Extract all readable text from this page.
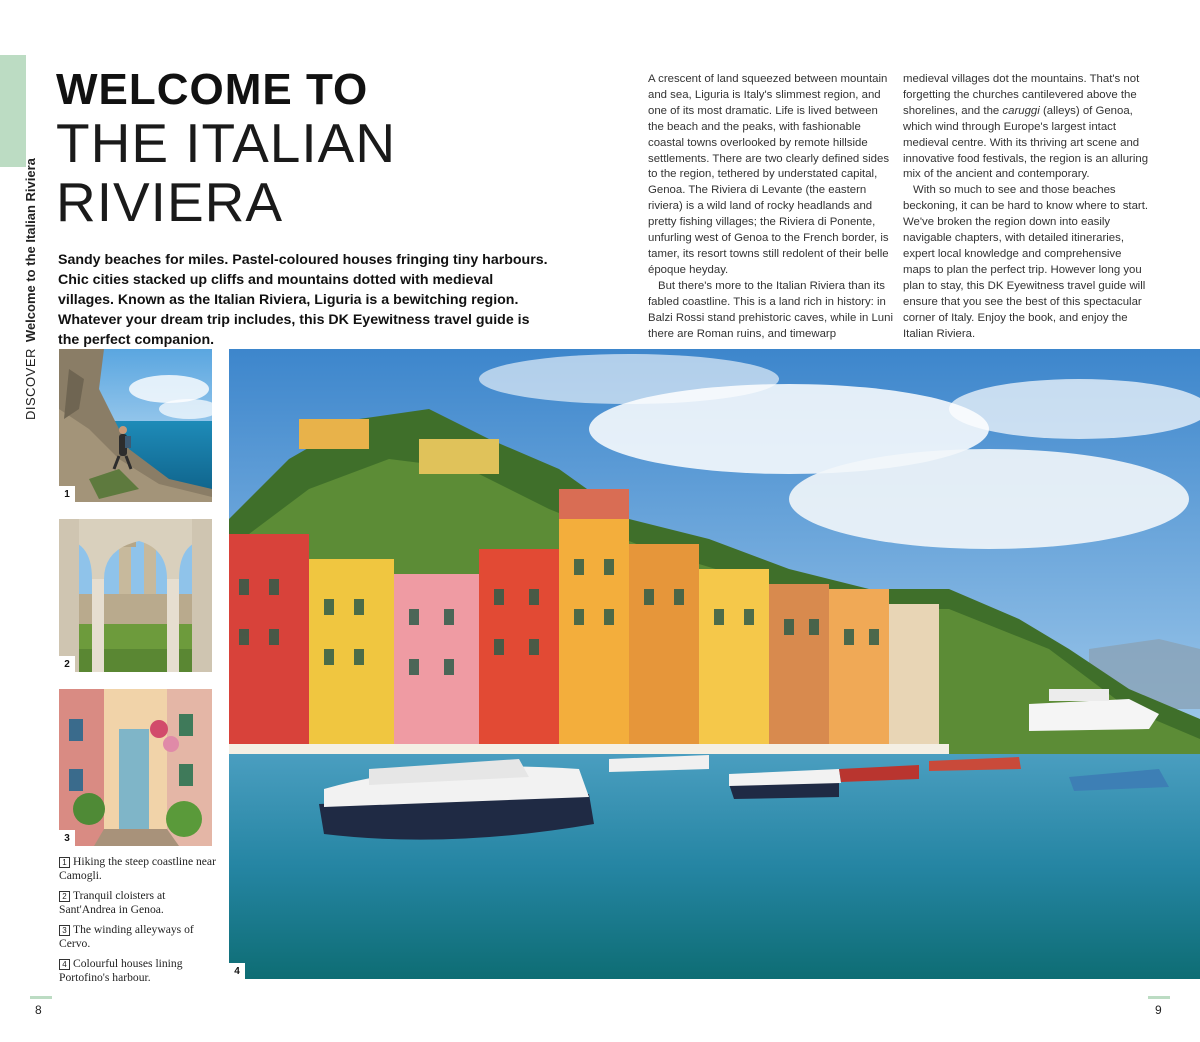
DISCOVERWelcome to the Italian Riviera
WELCOME TO
THE ITALIAN
RIVIERA

Sandy beaches for miles. Pastel-coloured houses fringing tiny harbours. Chic cities stacked up cliffs and mountains dotted with medieval villages. Known as the Italian Riviera, Liguria is a bewitching region. Whatever your dream trip includes, this DK Eyewitness travel guide is the perfect companion.

A crescent of land squeezed between mountain and sea, Liguria is Italy's slimmest region, and one of its most dramatic. Life is lived between the beach and the peaks, with fashionable coastal towns overlooked by remote hillside settlements. There are two clearly defined sides to the region, tethered by understated capital, Genoa. The Riviera di Levante (the eastern riviera) is a wild land of rocky headlands and pretty fishing villages; the Riviera di Ponente, unfurling west of Genoa to the French border, is tamer, its resort towns still redolent of their belle époque heyday.

But there's more to the Italian Riviera than its fabled coastline. This is a land rich in history: in Balzi Rossi stand prehistoric caves, while in Luni there are Roman ruins, and timewarp

medieval villages dot the mountains. That's not forgetting the churches cantilevered above the shorelines, and the caruggi (alleys) of Genoa, which wind through Europe's largest intact medieval centre. With its thriving art scene and innovative food festivals, the region is an alluring mix of the ancient and contemporary.

With so much to see and those beaches beckoning, it can be hard to know where to start. We've broken the region down into easily navigable chapters, with detailed itineraries, expert local knowledge and comprehensive maps to plan the perfect trip. However long you plan to stay, this DK Eyewitness travel guide will ensure that you see the best of this spectacular corner of Italy. Enjoy the book, and enjoy the Italian Riviera.

1
2
3
4
1 Hiking the steep coastline near Camogli.
2 Tranquil cloisters at Sant'Andrea in Genoa.
3 The winding alleyways of Cervo.
4 Colourful houses lining Portofino's harbour.
8	9
